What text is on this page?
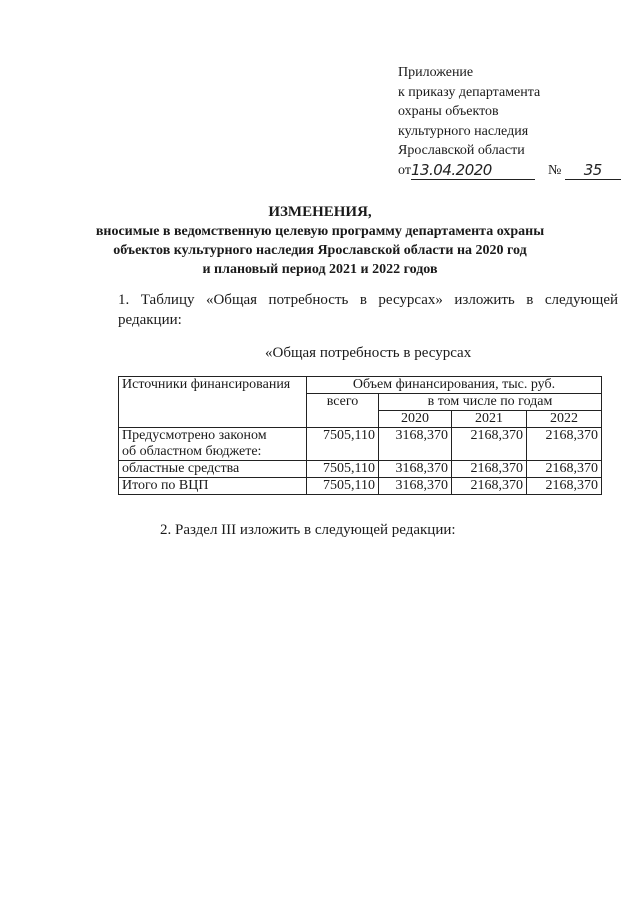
Приложение
к приказу департамента
охраны объектов
культурного наследия
Ярославской области
от13.04.2020	№ 35
ИЗМЕНЕНИЯ,
вносимые в ведомственную целевую программу департамента охраны
объектов культурного наследия Ярославской области на 2020 год
и плановый период 2021 и 2022 годов
1. Таблицу «Общая потребность в ресурсах» изложить в следующей
редакции:
«Общая потребность в ресурсах
Источники финансирования	Объем финансирования, тыс. руб.			
	всего	в том числе по годам		
		2020	2021	2022

Предусмотрено законом
об областном бюджете:	7505,110	3168,370	2168,370	2168,370
областные средства	7505,110	3168,370	2168,370	2168,370
Итого по ВЦП	7505,110	3168,370	2168,370	2168,370
2. Раздел III изложить в следующей редакции:
